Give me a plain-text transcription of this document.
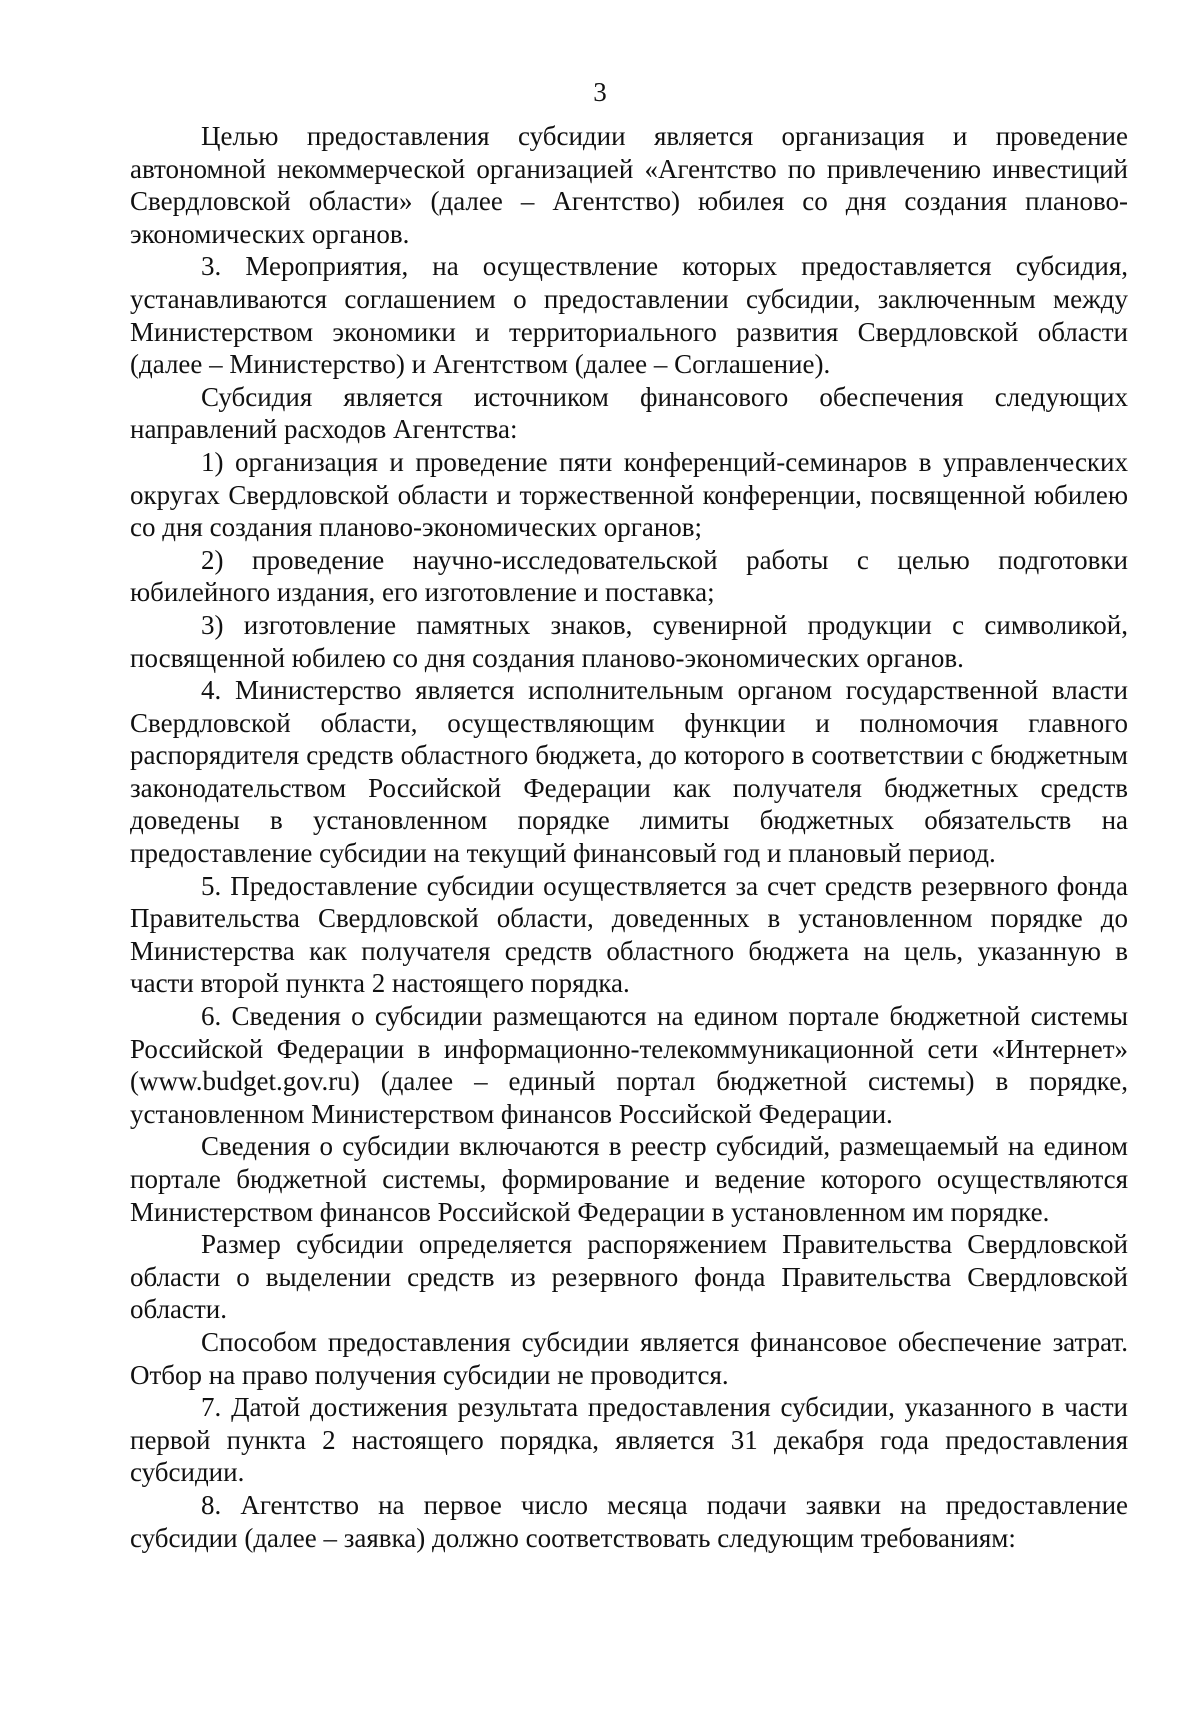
3

Целью предоставления субсидии является организация и проведение автономной некоммерческой организацией «Агентство по привлечению инвестиций Свердловской области» (далее – Агентство) юбилея со дня создания планово-экономических органов.

3. Мероприятия, на осуществление которых предоставляется субсидия, устанавливаются соглашением о предоставлении субсидии, заключенным между Министерством экономики и территориального развития Свердловской области (далее – Министерство) и Агентством (далее – Соглашение).

Субсидия является источником финансового обеспечения следующих направлений расходов Агентства:

1) организация и проведение пяти конференций-семинаров в управленческих округах Свердловской области и торжественной конференции, посвященной юбилею со дня создания планово-экономических органов;

2) проведение научно-исследовательской работы с целью подготовки юбилейного издания, его изготовление и поставка;

3) изготовление памятных знаков, сувенирной продукции с символикой, посвященной юбилею со дня создания планово-экономических органов.

4. Министерство является исполнительным органом государственной власти Свердловской области, осуществляющим функции и полномочия главного распорядителя средств областного бюджета, до которого в соответствии с бюджетным законодательством Российской Федерации как получателя бюджетных средств доведены в установленном порядке лимиты бюджетных обязательств на предоставление субсидии на текущий финансовый год и плановый период.

5. Предоставление субсидии осуществляется за счет средств резервного фонда Правительства Свердловской области, доведенных в установленном порядке до Министерства как получателя средств областного бюджета на цель, указанную в части второй пункта 2 настоящего порядка.

6. Сведения о субсидии размещаются на едином портале бюджетной системы Российской Федерации в информационно-телекоммуникационной сети «Интернет» (www.budget.gov.ru) (далее – единый портал бюджетной системы) в порядке, установленном Министерством финансов Российской Федерации.

Сведения о субсидии включаются в реестр субсидий, размещаемый на едином портале бюджетной системы, формирование и ведение которого осуществляются Министерством финансов Российской Федерации в установленном им порядке.

Размер субсидии определяется распоряжением Правительства Свердловской области о выделении средств из резервного фонда Правительства Свердловской области.

Способом предоставления субсидии является финансовое обеспечение затрат. Отбор на право получения субсидии не проводится.

7. Датой достижения результата предоставления субсидии, указанного в части первой пункта 2 настоящего порядка, является 31 декабря года предоставления субсидии.

8. Агентство на первое число месяца подачи заявки на предоставление субсидии (далее – заявка) должно соответствовать следующим требованиям:
